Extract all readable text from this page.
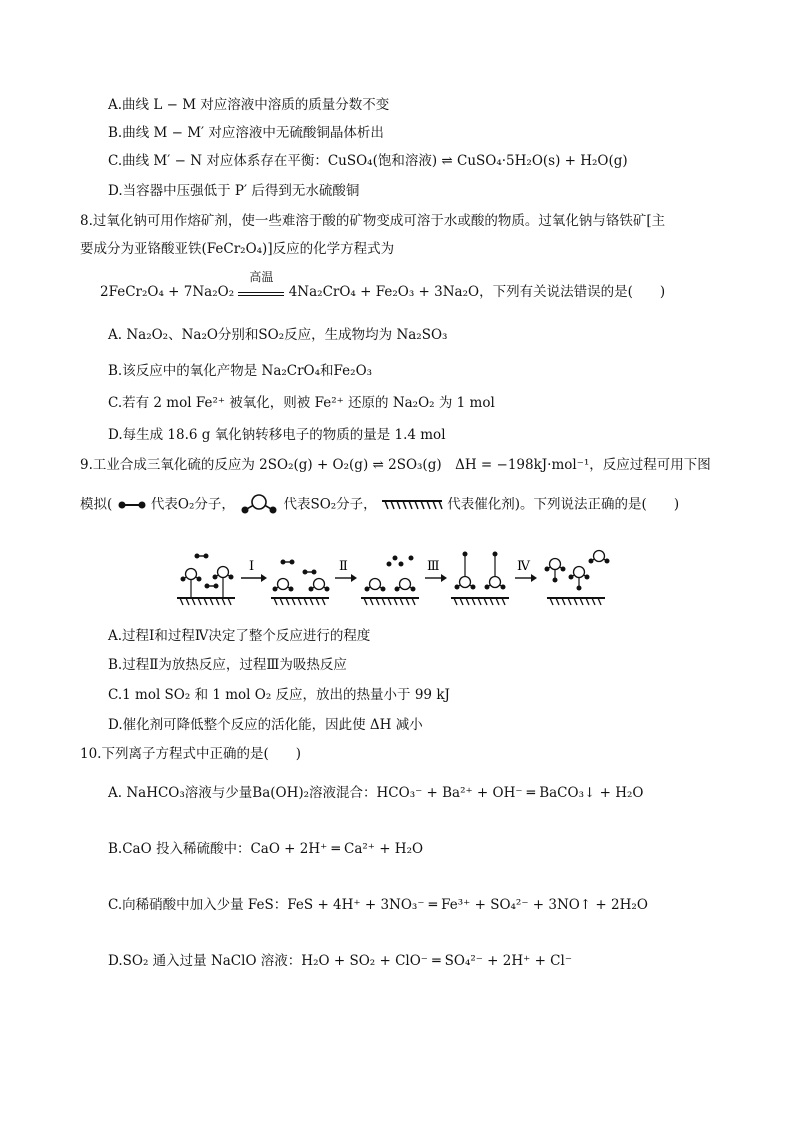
A.曲线 L − M 对应溶液中溶质的质量分数不变
B.曲线 M − M′ 对应溶液中无硫酸铜晶体析出
C.曲线 M′ − N 对应体系存在平衡：CuSO₄(饱和溶液) ⇌ CuSO₄·5H₂O(s) + H₂O(g)
D.当容器中压强低于 P′ 后得到无水硫酸铜
8.过氧化钠可用作熔矿剂，使一些难溶于酸的矿物变成可溶于水或酸的物质。过氧化钠与铬铁矿[主
要成分为亚铬酸亚铁(FeCr₂O₄)]反应的化学方程式为
2FeCr₂O₄ + 7Na₂O₂
高温
4Na₂CrO₄ + Fe₂O₃ + 3Na₂O，下列有关说法错误的是(　　)
A. Na₂O₂、Na₂O分别和SO₂反应，生成物均为 Na₂SO₃
B.该反应中的氧化产物是 Na₂CrO₄和Fe₂O₃
C.若有 2 mol Fe²⁺ 被氧化，则被 Fe²⁺ 还原的 Na₂O₂ 为 1 mol
D.每生成 18.6 g 氧化钠转移电子的物质的量是 1.4 mol
9.工业合成三氧化硫的反应为 2SO₂(g) + O₂(g) ⇌ 2SO₃(g)　ΔH = −198kJ·mol⁻¹，反应过程可用下图
模拟(	代表O₂分子，	代表SO₂分子，	代表催化剂)。下列说法正确的是(　　)
Ⅰ	Ⅱ	Ⅲ	Ⅳ
A.过程Ⅰ和过程Ⅳ决定了整个反应进行的程度
B.过程Ⅱ为放热反应，过程Ⅲ为吸热反应
C.1 mol SO₂ 和 1 mol O₂ 反应，放出的热量小于 99 kJ
D.催化剂可降低整个反应的活化能，因此使 ΔH 减小
10.下列离子方程式中正确的是(　　)
A. NaHCO₃溶液与少量Ba(OH)₂溶液混合：HCO₃⁻ + Ba²⁺ + OH⁻ ═ BaCO₃↓ + H₂O
B.CaO 投入稀硫酸中：CaO + 2H⁺ ═ Ca²⁺ + H₂O
C.向稀硝酸中加入少量 FeS：FeS + 4H⁺ + 3NO₃⁻ ═ Fe³⁺ + SO₄²⁻ + 3NO↑ + 2H₂O
D.SO₂ 通入过量 NaClO 溶液：H₂O + SO₂ + ClO⁻ ═ SO₄²⁻ + 2H⁺ + Cl⁻
